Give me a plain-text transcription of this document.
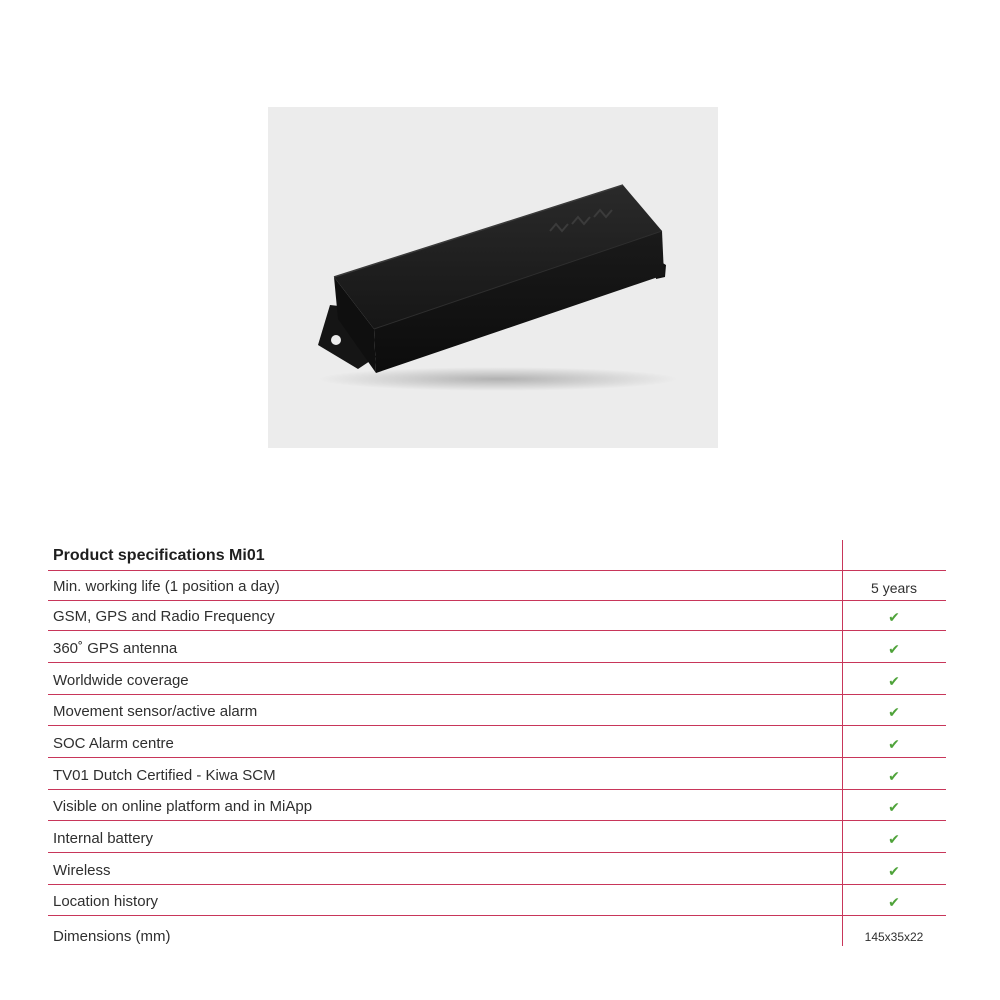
Product specifications Mi01
Min. working life (1 position a day)	5 years
GSM, GPS and Radio Frequency	✔
360˚ GPS antenna	✔
Worldwide coverage	✔
Movement sensor/active alarm	✔
SOC Alarm centre	✔
TV01 Dutch Certified - Kiwa SCM	✔
Visible on online platform and in MiApp	✔
Internal battery	✔
Wireless	✔
Location history	✔
Dimensions (mm)	145x35x22
